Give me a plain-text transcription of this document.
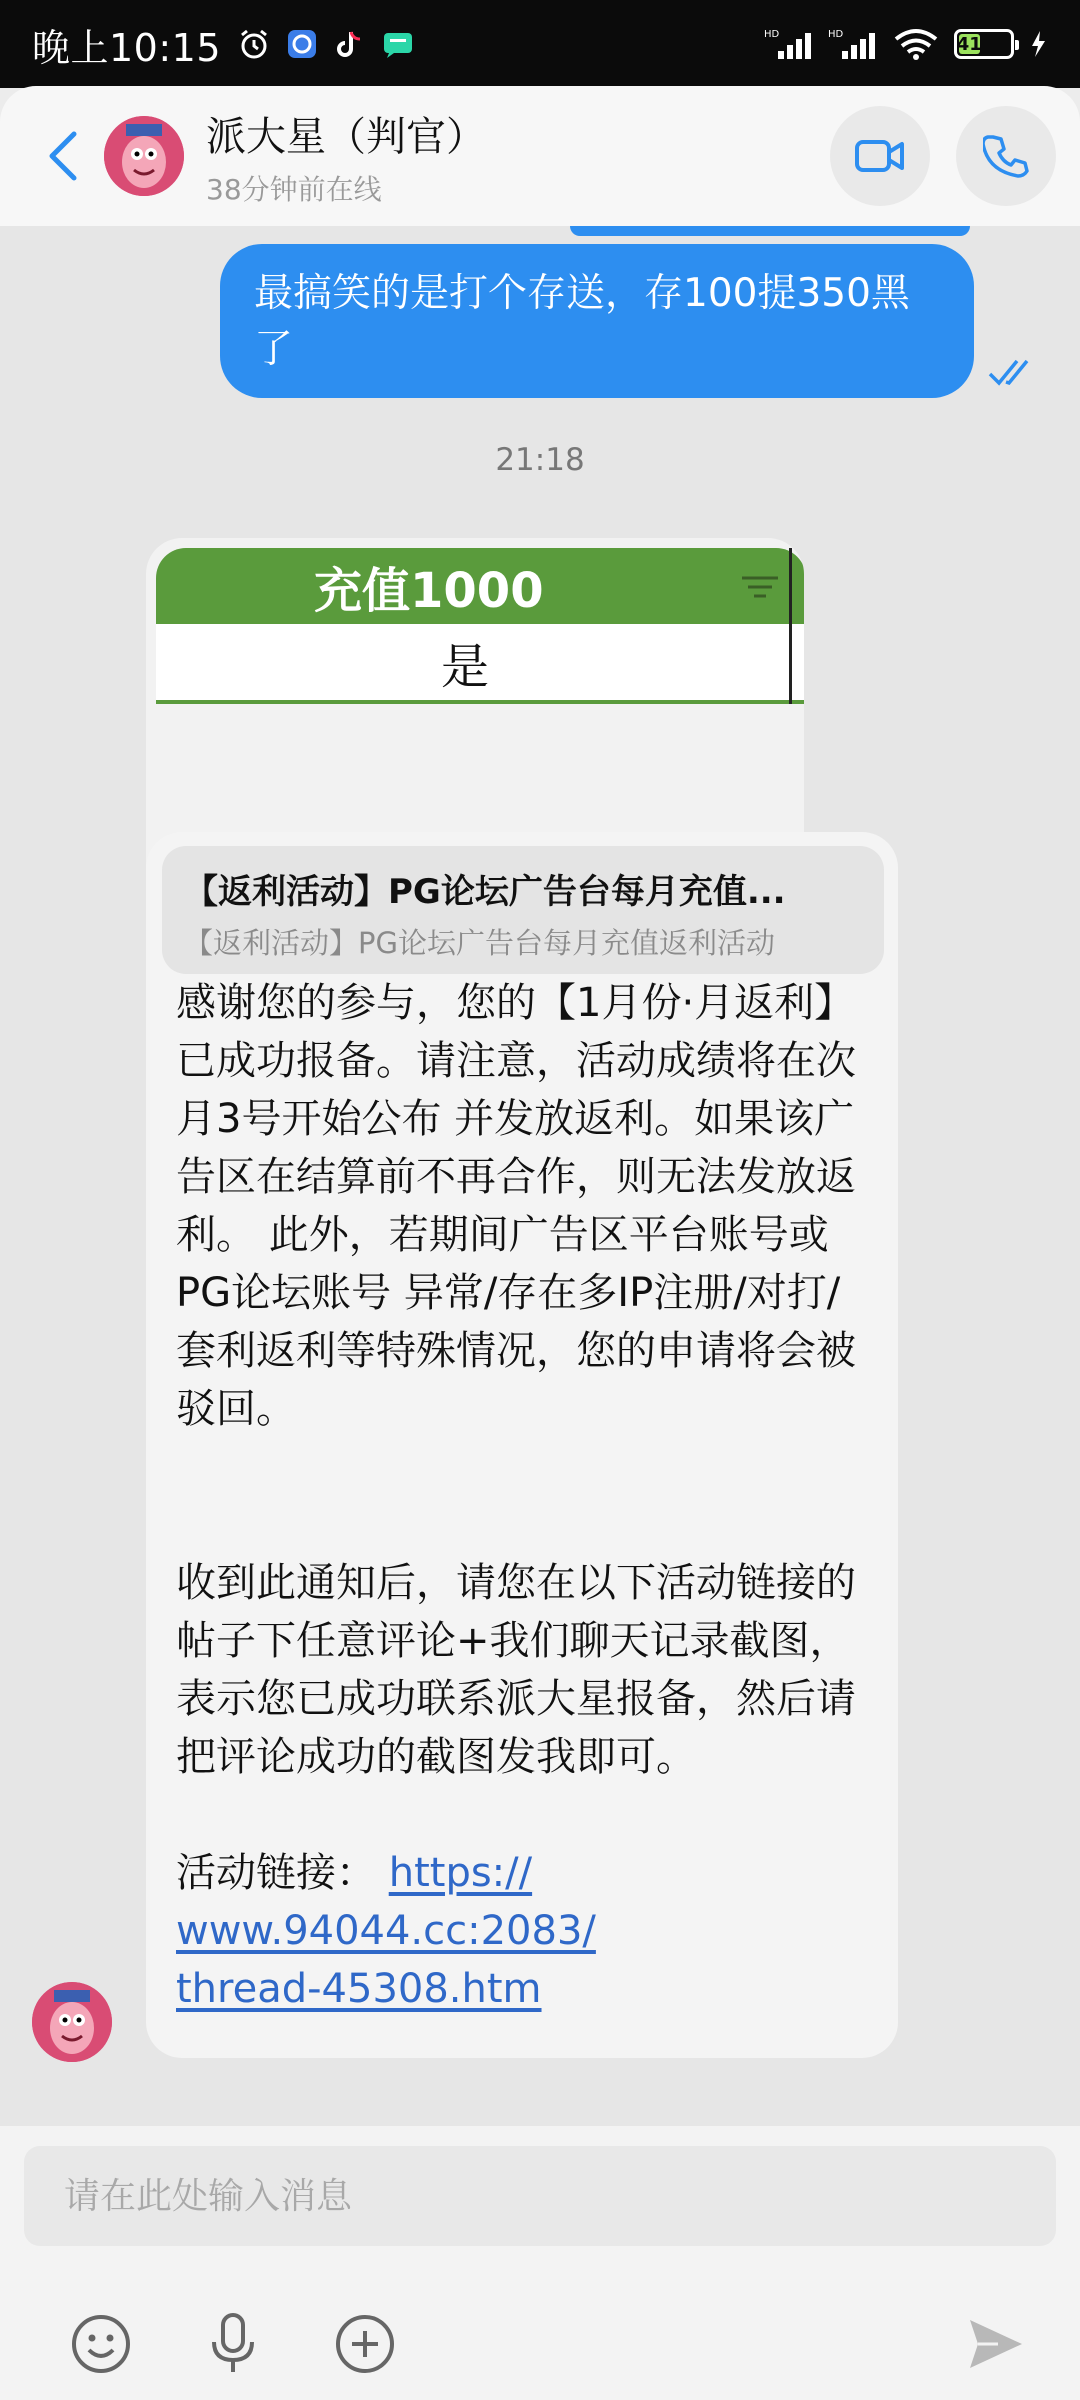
晚上10:15	HD	HD	41
派大星（判官）
38分钟前在线
最搞笑的是打个存送，存100提350黑了
21:18
充值1000
是
【返利活动】PG论坛广告台每月充值...
【返利活动】PG论坛广告台每月充值返利活动

感谢您的参与，您的【1月份·月返利】已成功报备。请注意，活动成绩将在次月3号开始公布 并发放返利。如果该广告区在结算前不再合作，则无法发放返利。 此外，若期间广告区平台账号或PG论坛账号 异常/存在多IP注册/对打/套利返利等特殊情况，您的申请将会被驳回。

收到此通知后，请您在以下活动链接的帖子下任意评论+我们聊天记录截图，表示您已成功联系派大星报备，然后请把评论成功的截图发我即可。

活动链接： https://
www.94044.cc:2083/
thread-45308.htm

请在此处输入消息
